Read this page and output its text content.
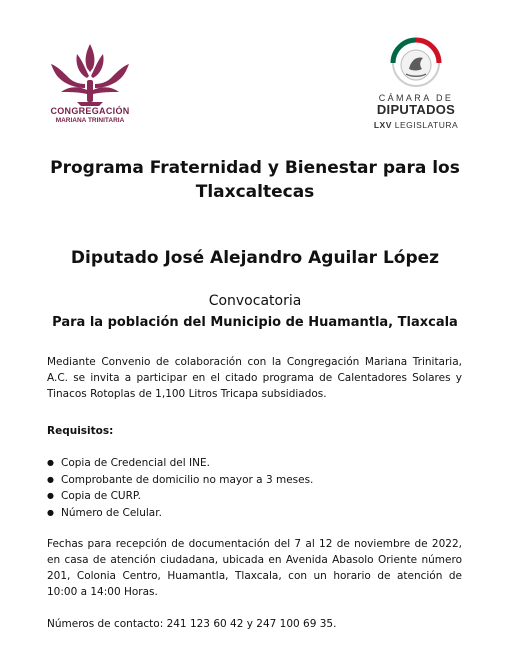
CONGREGACIÓN
MARIANA TRINITARIA
CÁMARA DE
DIPUTADOS
LXV LEGISLATURA
Programa Fraternidad y Bienestar para los Tlaxcaltecas
Diputado José Alejandro Aguilar López
Convocatoria
Para la población del Municipio de Huamantla, Tlaxcala
Mediante Convenio de colaboración con la Congregación Mariana Trinitaria, A.C. se invita a participar en el citado programa de Calentadores Solares y Tinacos Rotoplas de 1,100 Litros Tricapa subsidiados.
Requisitos:
● Copia de Credencial del INE.
● Comprobante de domicilio no mayor a 3 meses.
● Copia de CURP.
● Número de Celular.
Fechas para recepción de documentación del 7 al 12 de noviembre de 2022, en casa de atención ciudadana, ubicada en Avenida Abasolo Oriente número 201, Colonia Centro, Huamantla, Tlaxcala, con un horario de atención de 10:00 a 14:00 Horas.
Números de contacto: 241 123 60 42 y 247 100 69 35.
